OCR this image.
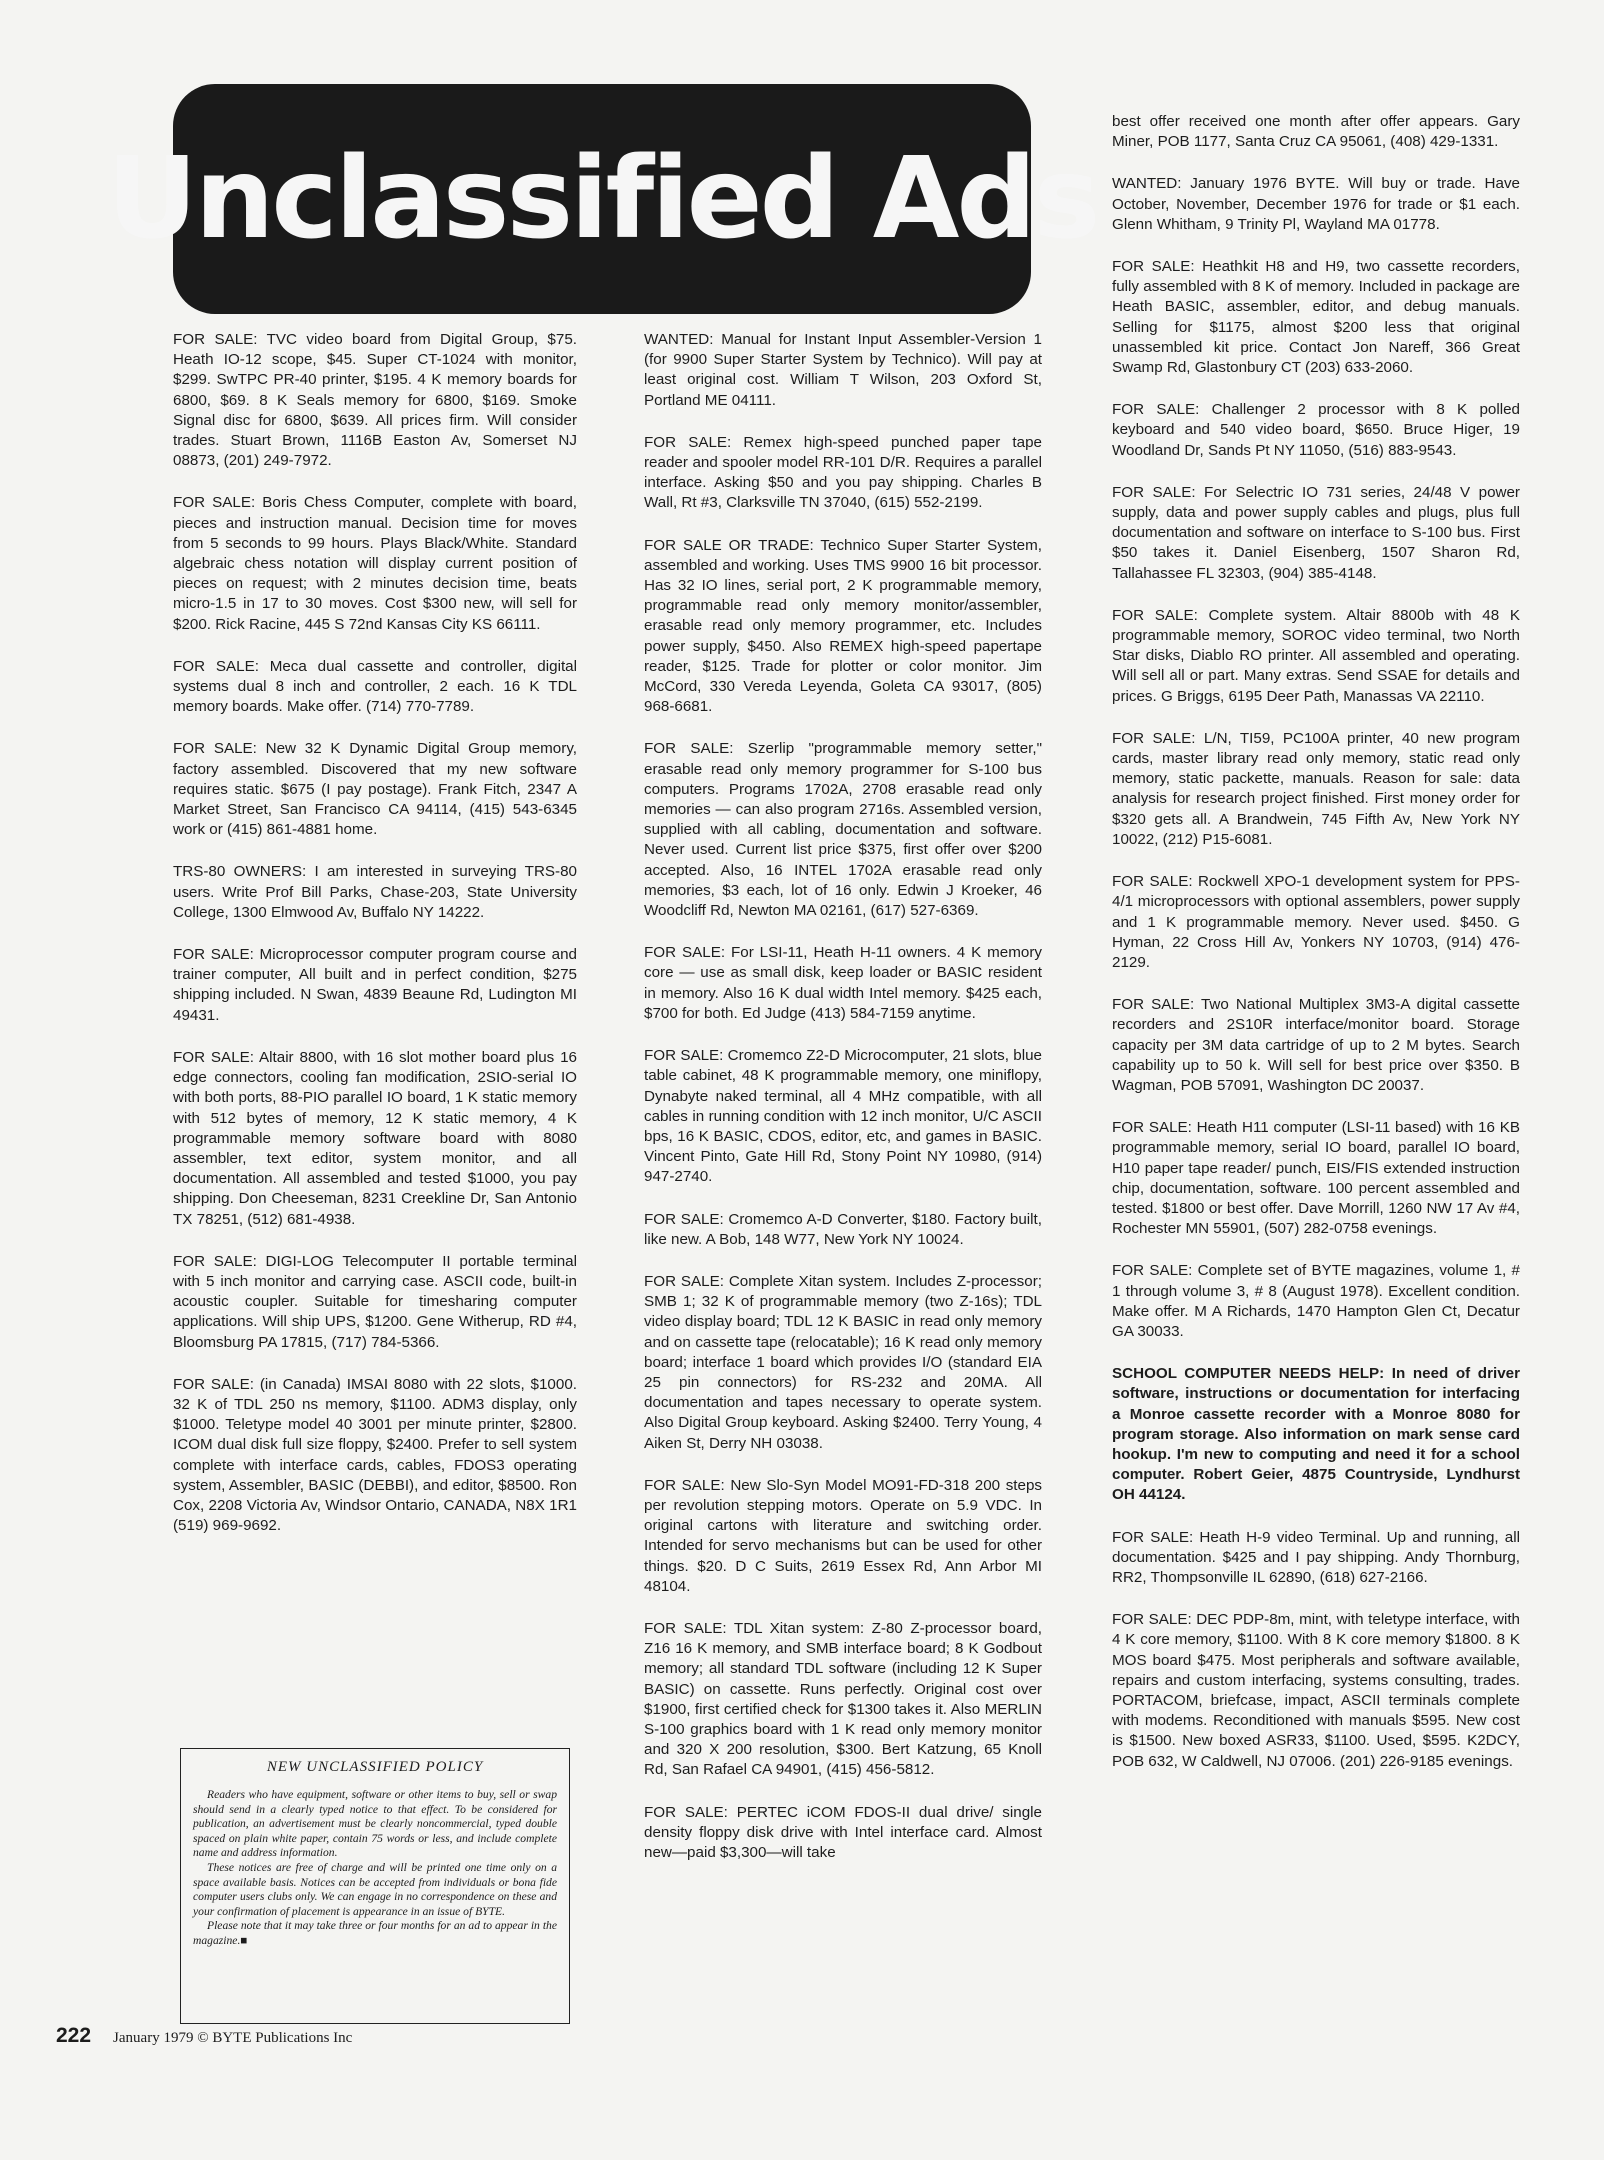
Unclassified Ads

FOR SALE: TVC video board from Digital Group, $75. Heath IO-12 scope, $45. Super CT-1024 with monitor, $299. SwTPC PR-40 printer, $195. 4 K memory boards for 6800, $69. 8 K Seals memory for 6800, $169. Smoke Signal disc for 6800, $639. All prices firm. Will consider trades. Stuart Brown, 1116B Easton Av, Somerset NJ 08873, (201) 249-7972.

FOR SALE: Boris Chess Computer, complete with board, pieces and instruction manual. Decision time for moves from 5 seconds to 99 hours. Plays Black/White. Standard algebraic chess notation will display current position of pieces on request; with 2 minutes decision time, beats micro-1.5 in 17 to 30 moves. Cost $300 new, will sell for $200. Rick Racine, 445 S 72nd Kansas City KS 66111.

FOR SALE: Meca dual cassette and controller, digital systems dual 8 inch and controller, 2 each. 16 K TDL memory boards. Make offer. (714) 770-7789.

FOR SALE: New 32 K Dynamic Digital Group memory, factory assembled. Discovered that my new software requires static. $675 (I pay postage). Frank Fitch, 2347 A Market Street, San Francisco CA 94114, (415) 543-6345 work or (415) 861-4881 home.

TRS-80 OWNERS: I am interested in surveying TRS-80 users. Write Prof Bill Parks, Chase-203, State University College, 1300 Elmwood Av, Buffalo NY 14222.

FOR SALE: Microprocessor computer program course and trainer computer, All built and in perfect condition, $275 shipping included. N Swan, 4839 Beaune Rd, Ludington MI 49431.

FOR SALE: Altair 8800, with 16 slot mother board plus 16 edge connectors, cooling fan modification, 2SIO-serial IO with both ports, 88-PIO parallel IO board, 1 K static memory with 512 bytes of memory, 12 K static memory, 4 K programmable memory software board with 8080 assembler, text editor, system monitor, and all documentation. All assembled and tested $1000, you pay shipping. Don Cheeseman, 8231 Creekline Dr, San Antonio TX 78251, (512) 681-4938.

FOR SALE: DIGI-LOG Telecomputer II portable terminal with 5 inch monitor and carrying case. ASCII code, built-in acoustic coupler. Suitable for timesharing computer applications. Will ship UPS, $1200. Gene Witherup, RD #4, Bloomsburg PA 17815, (717) 784-5366.

FOR SALE: (in Canada) IMSAI 8080 with 22 slots, $1000. 32 K of TDL 250 ns memory, $1100. ADM3 display, only $1000. Teletype model 40 3001 per minute printer, $2800. ICOM dual disk full size floppy, $2400. Prefer to sell system complete with interface cards, cables, FDOS3 operating system, Assembler, BASIC (DEBBI), and editor, $8500. Ron Cox, 2208 Victoria Av, Windsor Ontario, CANADA, N8X 1R1 (519) 969-9692.

WANTED: Manual for Instant Input Assembler-Version 1 (for 9900 Super Starter System by Technico). Will pay at least original cost. William T Wilson, 203 Oxford St, Portland ME 04111.

FOR SALE: Remex high-speed punched paper tape reader and spooler model RR-101 D/R. Requires a parallel interface. Asking $50 and you pay shipping. Charles B Wall, Rt #3, Clarksville TN 37040, (615) 552-2199.

FOR SALE OR TRADE: Technico Super Starter System, assembled and working. Uses TMS 9900 16 bit processor. Has 32 IO lines, serial port, 2 K programmable memory, programmable read only memory monitor/assembler, erasable read only memory programmer, etc. Includes power supply, $450. Also REMEX high-speed papertape reader, $125. Trade for plotter or color monitor. Jim McCord, 330 Vereda Leyenda, Goleta CA 93017, (805) 968-6681.

FOR SALE: Szerlip "programmable memory setter," erasable read only memory programmer for S-100 bus computers. Programs 1702A, 2708 erasable read only memories — can also program 2716s. Assembled version, supplied with all cabling, documentation and software. Never used. Current list price $375, first offer over $200 accepted. Also, 16 INTEL 1702A erasable read only memories, $3 each, lot of 16 only. Edwin J Kroeker, 46 Woodcliff Rd, Newton MA 02161, (617) 527-6369.

FOR SALE: For LSI-11, Heath H-11 owners. 4 K memory core — use as small disk, keep loader or BASIC resident in memory. Also 16 K dual width Intel memory. $425 each, $700 for both. Ed Judge (413) 584-7159 anytime.

FOR SALE: Cromemco Z2-D Microcomputer, 21 slots, blue table cabinet, 48 K programmable memory, one miniflopy, Dynabyte naked terminal, all 4 MHz compatible, with all cables in running condition with 12 inch monitor, U/C ASCII bps, 16 K BASIC, CDOS, editor, etc, and games in BASIC. Vincent Pinto, Gate Hill Rd, Stony Point NY 10980, (914) 947-2740.

FOR SALE: Cromemco A-D Converter, $180. Factory built, like new. A Bob, 148 W77, New York NY 10024.

FOR SALE: Complete Xitan system. Includes Z-processor; SMB 1; 32 K of programmable memory (two Z-16s); TDL video display board; TDL 12 K BASIC in read only memory and on cassette tape (relocatable); 16 K read only memory board; interface 1 board which provides I/O (standard EIA 25 pin connectors) for RS-232 and 20MA. All documentation and tapes necessary to operate system. Also Digital Group keyboard. Asking $2400. Terry Young, 4 Aiken St, Derry NH 03038.

FOR SALE: New Slo-Syn Model MO91-FD-318 200 steps per revolution stepping motors. Operate on 5.9 VDC. In original cartons with literature and switching order. Intended for servo mechanisms but can be used for other things. $20. D C Suits, 2619 Essex Rd, Ann Arbor MI 48104.

FOR SALE: TDL Xitan system: Z-80 Z-processor board, Z16 16 K memory, and SMB interface board; 8 K Godbout memory; all standard TDL software (including 12 K Super BASIC) on cassette. Runs perfectly. Original cost over $1900, first certified check for $1300 takes it. Also MERLIN S-100 graphics board with 1 K read only memory monitor and 320 X 200 resolution, $300. Bert Katzung, 65 Knoll Rd, San Rafael CA 94901, (415) 456-5812.

FOR SALE: PERTEC iCOM FDOS-II dual drive/ single density floppy disk drive with Intel interface card. Almost new—paid $3,300—will take

best offer received one month after offer appears. Gary Miner, POB 1177, Santa Cruz CA 95061, (408) 429-1331.

WANTED: January 1976 BYTE. Will buy or trade. Have October, November, December 1976 for trade or $1 each. Glenn Whitham, 9 Trinity Pl, Wayland MA 01778.

FOR SALE: Heathkit H8 and H9, two cassette recorders, fully assembled with 8 K of memory. Included in package are Heath BASIC, assembler, editor, and debug manuals. Selling for $1175, almost $200 less that original unassembled kit price. Contact Jon Nareff, 366 Great Swamp Rd, Glastonbury CT (203) 633-2060.

FOR SALE: Challenger 2 processor with 8 K polled keyboard and 540 video board, $650. Bruce Higer, 19 Woodland Dr, Sands Pt NY 11050, (516) 883-9543.

FOR SALE: For Selectric IO 731 series, 24/48 V power supply, data and power supply cables and plugs, plus full documentation and software on interface to S-100 bus. First $50 takes it. Daniel Eisenberg, 1507 Sharon Rd, Tallahassee FL 32303, (904) 385-4148.

FOR SALE: Complete system. Altair 8800b with 48 K programmable memory, SOROC video terminal, two North Star disks, Diablo RO printer. All assembled and operating. Will sell all or part. Many extras. Send SSAE for details and prices. G Briggs, 6195 Deer Path, Manassas VA 22110.

FOR SALE: L/N, TI59, PC100A printer, 40 new program cards, master library read only memory, static read only memory, static packette, manuals. Reason for sale: data analysis for research project finished. First money order for $320 gets all. A Brandwein, 745 Fifth Av, New York NY 10022, (212) P15-6081.

FOR SALE: Rockwell XPO-1 development system for PPS-4/1 microprocessors with optional assemblers, power supply and 1 K programmable memory. Never used. $450. G Hyman, 22 Cross Hill Av, Yonkers NY 10703, (914) 476-2129.

FOR SALE: Two National Multiplex 3M3-A digital cassette recorders and 2S10R interface/monitor board. Storage capacity per 3M data cartridge of up to 2 M bytes. Search capability up to 50 k. Will sell for best price over $350. B Wagman, POB 57091, Washington DC 20037.

FOR SALE: Heath H11 computer (LSI-11 based) with 16 KB programmable memory, serial IO board, parallel IO board, H10 paper tape reader/ punch, EIS/FIS extended instruction chip, documentation, software. 100 percent assembled and tested. $1800 or best offer. Dave Morrill, 1260 NW 17 Av #4, Rochester MN 55901, (507) 282-0758 evenings.

FOR SALE: Complete set of BYTE magazines, volume 1, # 1 through volume 3, # 8 (August 1978). Excellent condition. Make offer. M A Richards, 1470 Hampton Glen Ct, Decatur GA 30033.

SCHOOL COMPUTER NEEDS HELP: In need of driver software, instructions or documentation for interfacing a Monroe cassette recorder with a Monroe 8080 for program storage. Also information on mark sense card hookup. I'm new to computing and need it for a school computer. Robert Geier, 4875 Countryside, Lyndhurst OH 44124.

FOR SALE: Heath H-9 video Terminal. Up and running, all documentation. $425 and I pay shipping. Andy Thornburg, RR2, Thompsonville IL 62890, (618) 627-2166.

FOR SALE: DEC PDP-8m, mint, with teletype interface, with 4 K core memory, $1100. With 8 K core memory $1800. 8 K MOS board $475. Most peripherals and software available, repairs and custom interfacing, systems consulting, trades. PORTACOM, briefcase, impact, ASCII terminals complete with modems. Reconditioned with manuals $595. New cost is $1500. New boxed ASR33, $1100. Used, $595. K2DCY, POB 632, W Caldwell, NJ 07006. (201) 226-9185 evenings.

NEW UNCLASSIFIED POLICY

Readers who have equipment, software or other items to buy, sell or swap should send in a clearly typed notice to that effect. To be considered for publication, an advertisement must be clearly noncommercial, typed double spaced on plain white paper, contain 75 words or less, and include complete name and address information.

These notices are free of charge and will be printed one time only on a space available basis. Notices can be accepted from individuals or bona fide computer users clubs only. We can engage in no correspondence on these and your confirmation of placement is appearance in an issue of BYTE.

Please note that it may take three or four months for an ad to appear in the magazine.■

222 January 1979 © BYTE Publications Inc
